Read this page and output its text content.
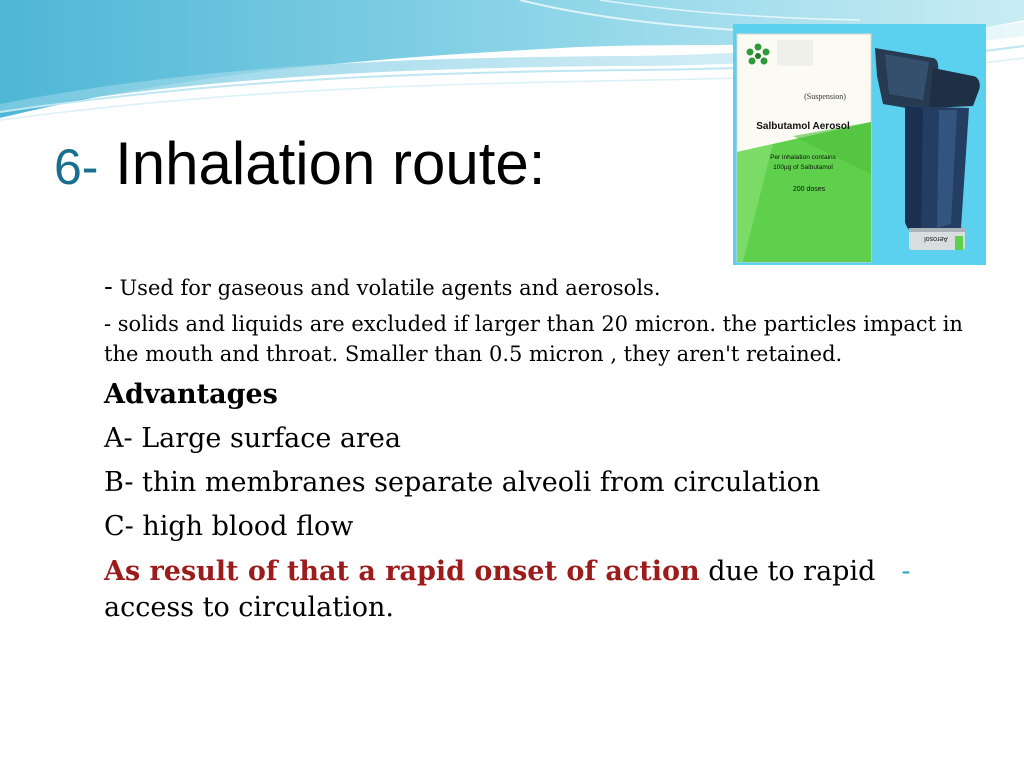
6- Inhalation route:
(Suspension)
Salbutamol Aerosol
Per inhalation contains
100µg of Salbutamol
200 doses
Aerosol

- Used for gaseous and volatile agents and aerosols.

- solids and liquids are excluded if larger than 20 micron. the particles impact in the mouth and throat. Smaller than 0.5 micron , they aren't retained.

Advantages

A- Large surface area

B- thin membranes separate alveoli from circulation

C- high blood flow

As result of that a rapid onset of action due to rapid -
access to circulation.
